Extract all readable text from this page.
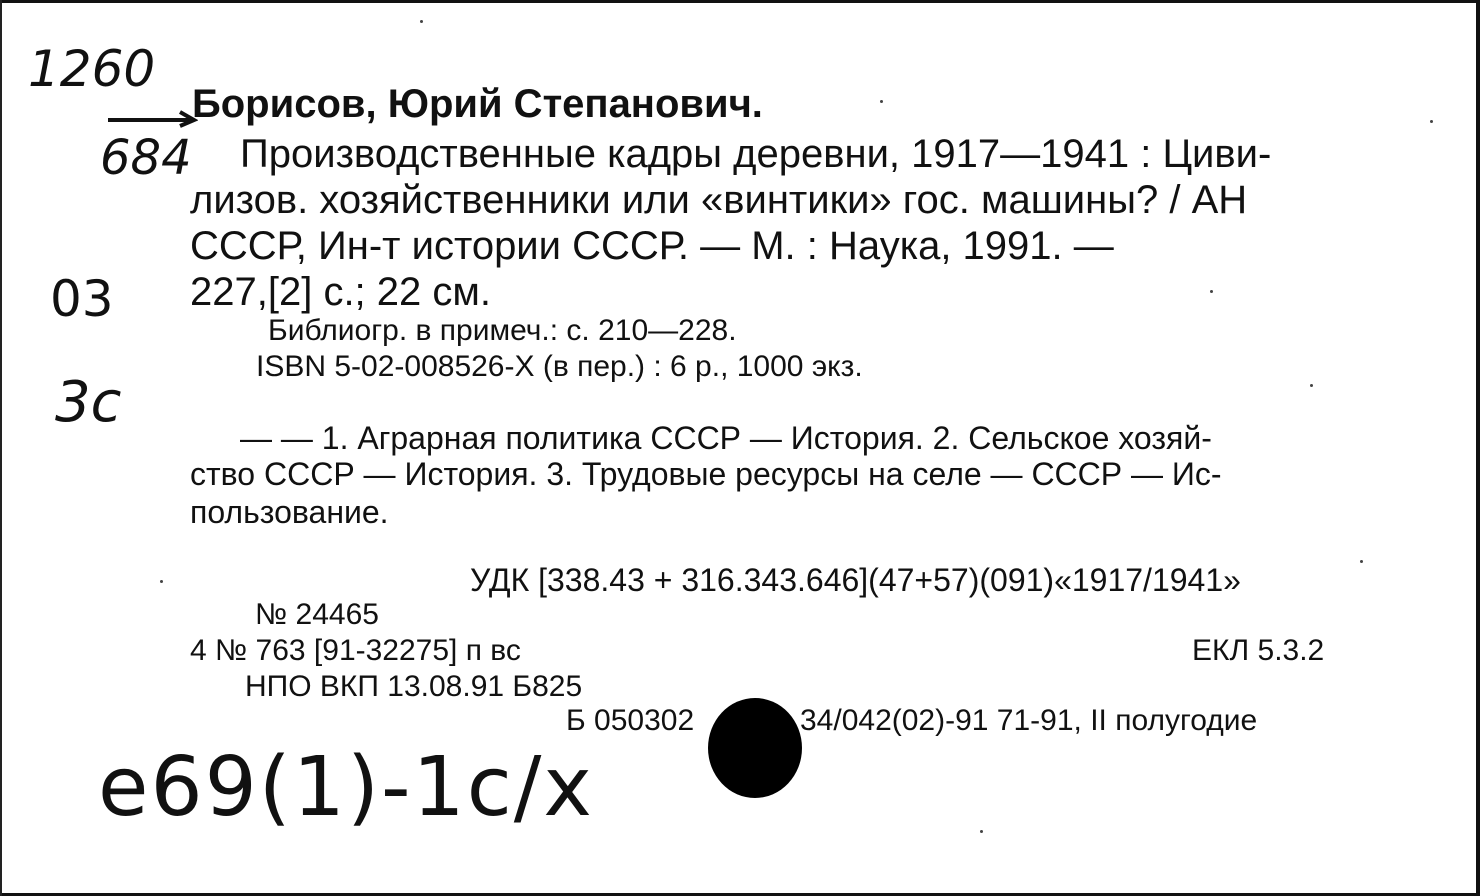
1260
684
03
3c
Борисов, Юрий Степанович.
Производственные кадры деревни, 1917—1941 : Циви-
лизов. хозяйственники или «винтики» гос. машины? / АН
СССР, Ин-т истории СССР. — М. : Наука, 1991. —
227,[2] с.; 22 см.
Библиогр. в примеч.: с. 210—228.
ISBN 5-02-008526-X (в пер.) : 6 р., 1000 экз.
— — 1. Аграрная политика СССР — История. 2. Сельское хозяй-
ство СССР — История. 3. Трудовые ресурсы на селе — СССР — Ис-
пользование.
УДК [338.43 + 316.343.646](47+57)(091)«1917/1941»
№ 24465
4 № 763 [91-32275] п вс	ЕКЛ 5.3.2
НПО ВКП 13.08.91 Б825
Б 050302	34/042(02)-91 71-91, II полугодие
e69(1)-1c/x
